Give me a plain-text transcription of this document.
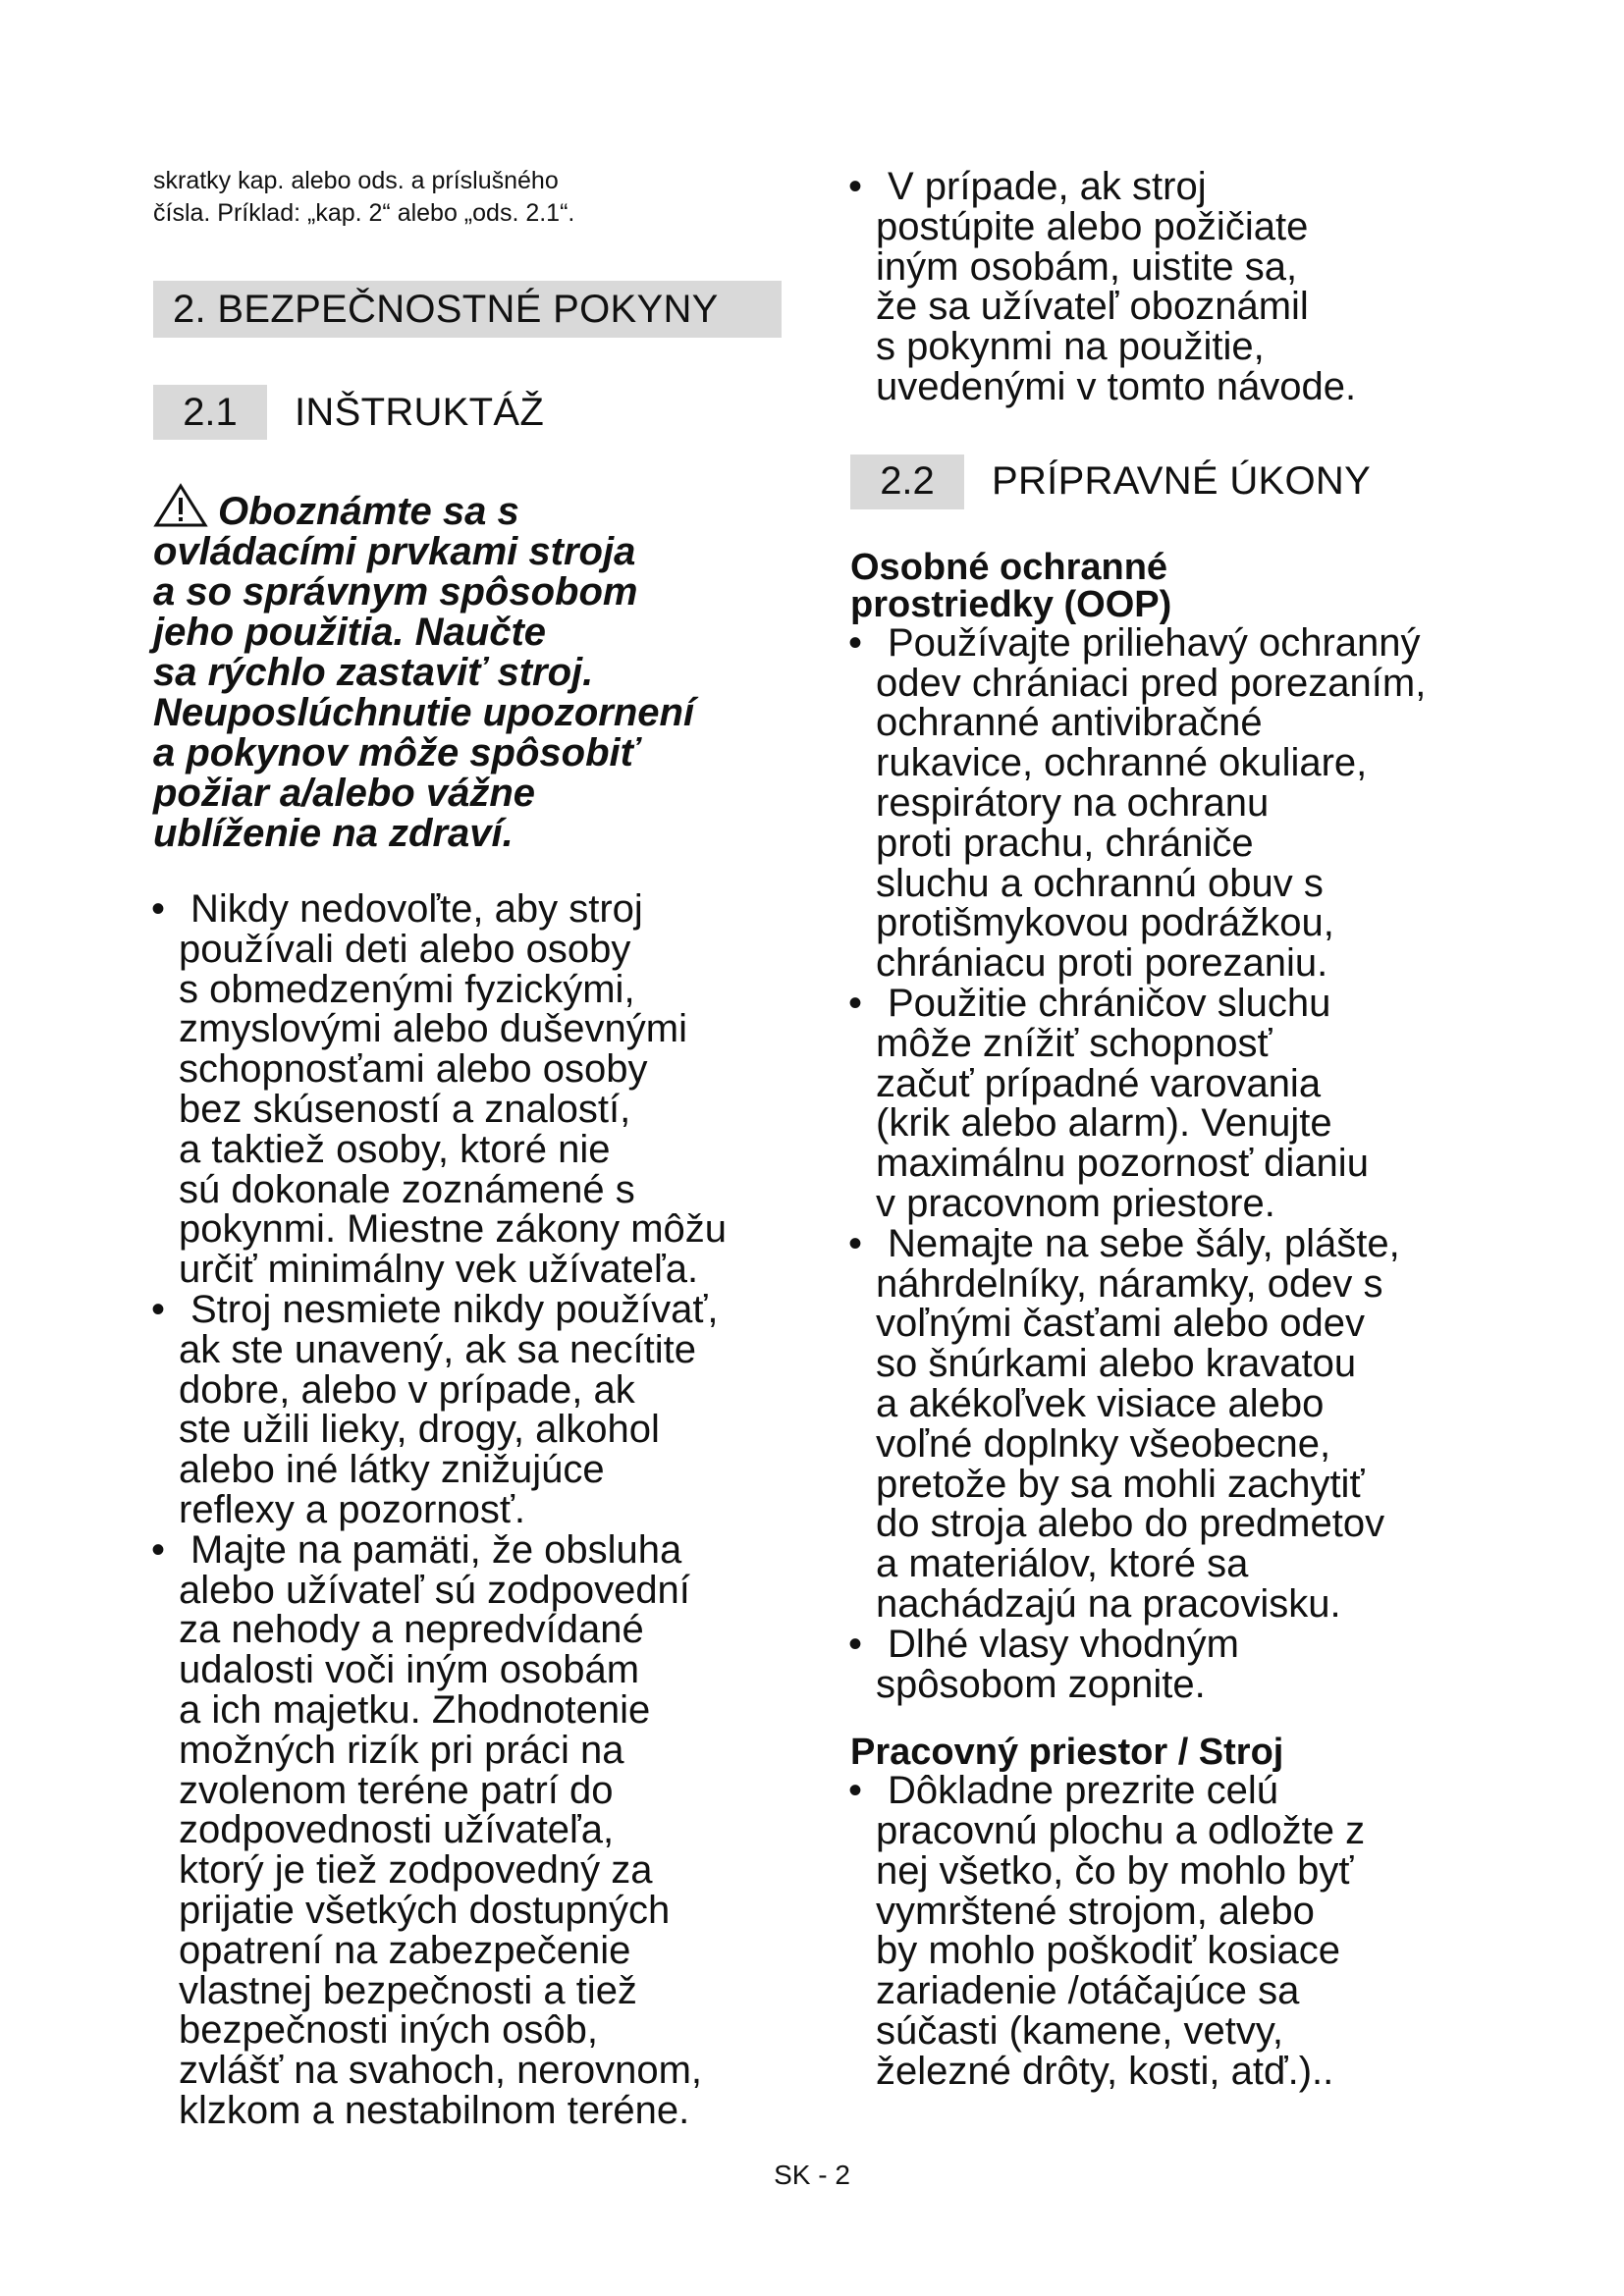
skratky kap. alebo ods. a príslušného

čísla. Príklad: „kap. 2“ alebo „ods. 2.1“.

2. BEZPEČNOSTNÉ POKYNY
2.1	INŠTRUKTÁŽ
Oboznámte sa s
ovládacími prvkami stroja
a so správnym spôsobom
jeho použitia. Naučte
sa rýchlo zastaviť stroj.
Neuposlúchnutie upozornení
a pokynov môže spôsobiť
požiar a/alebo vážne
ublíženie na zdraví.
• Nikdy nedovoľte, aby stroj
používali deti alebo osoby
s obmedzenými fyzickými,
zmyslovými alebo duševnými
schopnosťami alebo osoby
bez skúseností a znalostí,
a taktiež osoby, ktoré nie
sú dokonale zoznámené s
pokynmi. Miestne zákony môžu
určiť minimálny vek užívateľa.
• Stroj nesmiete nikdy používať,
ak ste unavený, ak sa necítite
dobre, alebo v prípade, ak
ste užili lieky, drogy, alkohol
alebo iné látky znižujúce
reflexy a pozornosť.
• Majte na pamäti, že obsluha
alebo užívateľ sú zodpovední
za nehody a nepredvídané
udalosti voči iným osobám
a ich majetku. Zhodnotenie
možných rizík pri práci na
zvolenom teréne patrí do
zodpovednosti užívateľa,
ktorý je tiež zodpovedný za
prijatie všetkých dostupných
opatrení na zabezpečenie
vlastnej bezpečnosti a tiež
bezpečnosti iných osôb,
zvlášť na svahoch, nerovnom,
klzkom a nestabilnom teréne.
• V prípade, ak stroj
postúpite alebo požičiate
iným osobám, uistite sa,
že sa užívateľ oboznámil
s pokynmi na použitie,
uvedenými v tomto návode.
2.2	PRÍPRAVNÉ ÚKONY
Osobné ochranné
prostriedky (OOP)
• Používajte priliehavý ochranný
odev chrániaci pred porezaním,
ochranné antivibračné
rukavice, ochranné okuliare,
respirátory na ochranu
proti prachu, chrániče
sluchu a ochrannú obuv s
protišmykovou podrážkou,
chrániacu proti porezaniu.
• Použitie chráničov sluchu
môže znížiť schopnosť
začuť prípadné varovania
(krik alebo alarm). Venujte
maximálnu pozornosť dianiu
v pracovnom priestore.
• Nemajte na sebe šály, plášte,
náhrdelníky, náramky, odev s
voľnými časťami alebo odev
so šnúrkami alebo kravatou
a akékoľvek visiace alebo
voľné doplnky všeobecne,
pretože by sa mohli zachytiť
do stroja alebo do predmetov
a materiálov, ktoré sa
nachádzajú na pracovisku.
• Dlhé vlasy vhodným
spôsobom zopnite.
Pracovný priestor / Stroj
• Dôkladne prezrite celú
pracovnú plochu a odložte z
nej všetko, čo by mohlo byť
vymrštené strojom, alebo
by mohlo poškodiť kosiace
zariadenie /otáčajúce sa
súčasti (kamene, vetvy,
železné drôty, kosti, atď.)..
SK - 2
